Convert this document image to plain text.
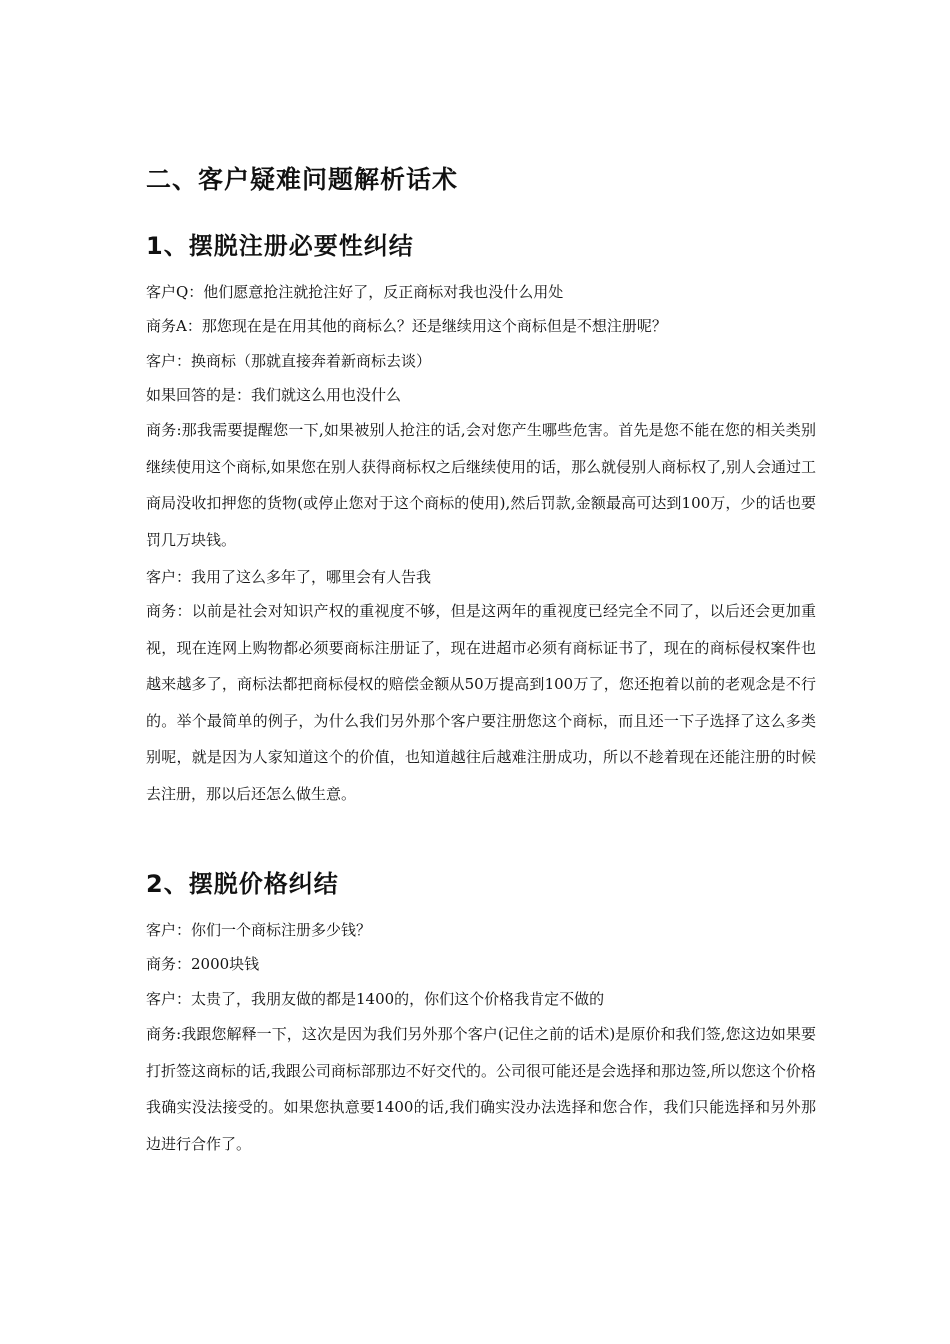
二、客户疑难问题解析话术
1、摆脱注册必要性纠结
客户Q：他们愿意抢注就抢注好了，反正商标对我也没什么用处
商务A：那您现在是在用其他的商标么？还是继续用这个商标但是不想注册呢？
客户：换商标（那就直接奔着新商标去谈）
如果回答的是：我们就这么用也没什么
商务:那我需要提醒您一下,如果被别人抢注的话,会对您产生哪些危害。首先是您不能在您的相关类别继续使用这个商标,如果您在别人获得商标权之后继续使用的话，那么就侵别人商标权了,别人会通过工商局没收扣押您的货物(或停止您对于这个商标的使用),然后罚款,金额最高可达到100万，少的话也要罚几万块钱。
客户：我用了这么多年了，哪里会有人告我
商务：以前是社会对知识产权的重视度不够，但是这两年的重视度已经完全不同了，以后还会更加重视，现在连网上购物都必须要商标注册证了，现在进超市必须有商标证书了，现在的商标侵权案件也越来越多了，商标法都把商标侵权的赔偿金额从50万提高到100万了，您还抱着以前的老观念是不行的。举个最简单的例子，为什么我们另外那个客户要注册您这个商标，而且还一下子选择了这么多类别呢，就是因为人家知道这个的价值，也知道越往后越难注册成功，所以不趁着现在还能注册的时候去注册，那以后还怎么做生意。
2、摆脱价格纠结
客户：你们一个商标注册多少钱？
商务：2000块钱
客户：太贵了，我朋友做的都是1400的，你们这个价格我肯定不做的
商务:我跟您解释一下，这次是因为我们另外那个客户(记住之前的话术)是原价和我们签,您这边如果要打折签这商标的话,我跟公司商标部那边不好交代的。公司很可能还是会选择和那边签,所以您这个价格我确实没法接受的。如果您执意要1400的话,我们确实没办法选择和您合作，我们只能选择和另外那边进行合作了。
